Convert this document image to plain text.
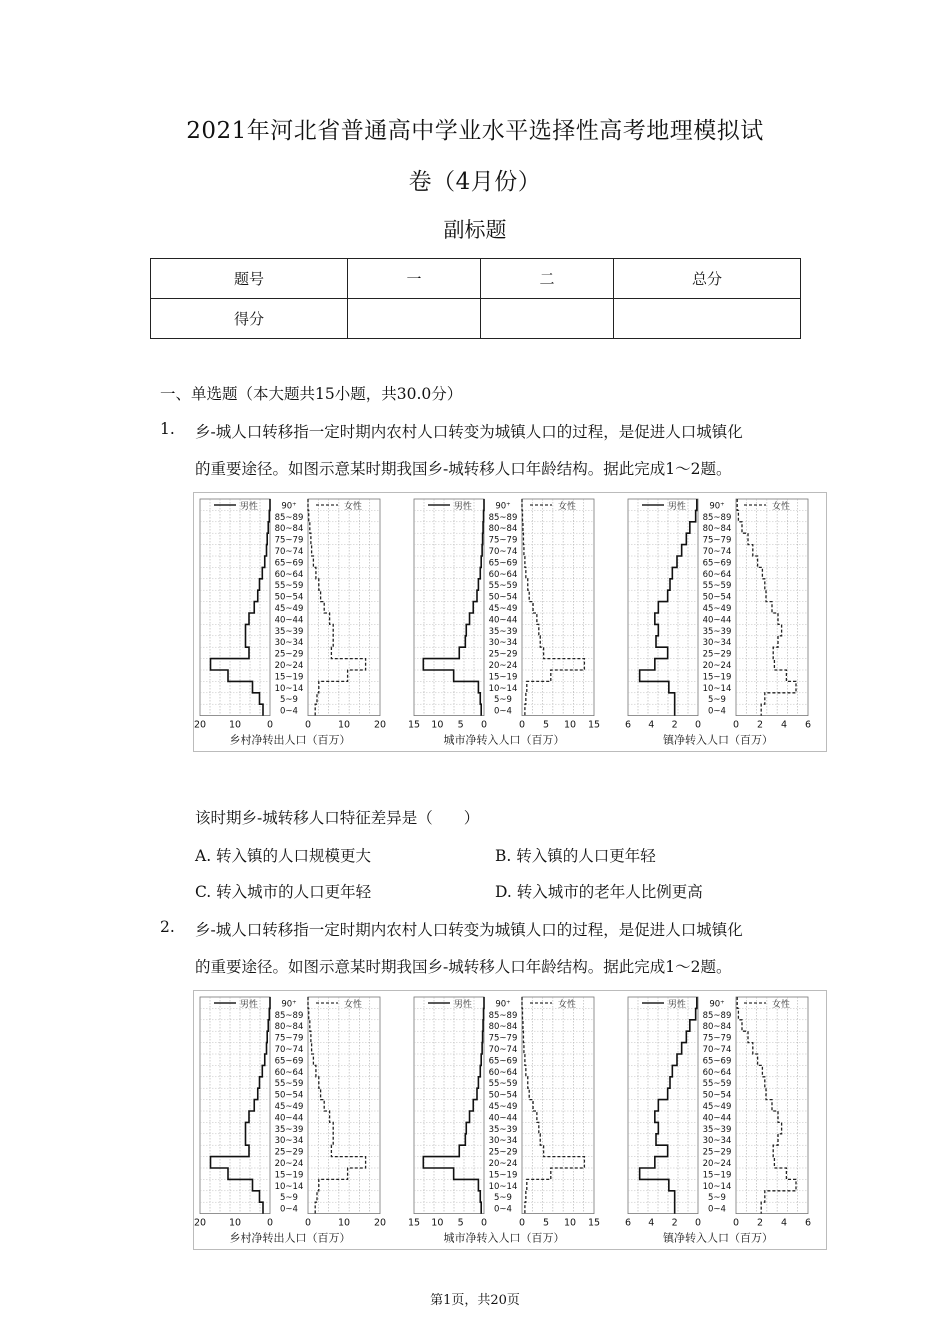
2021年河北省普通高中学业水平选择性高考地理模拟试
卷（4月份）
副标题
题号	一	二	总分
得分			
一、单选题（本大题共15小题，共30.0分）
1. 乡-城人口转移指一定时期内农村人口转变为城镇人口的过程，是促进人口城镇化
的重要途径。如图示意某时期我国乡-城转移人口年龄结构。据此完成1～2题。
男性	女性
90⁺
85~89
80~84
75~79
70~74
65~69
60~64
55~59
50~54
45~49
40~44
35~39
30~34
25~29
20~24
15~19
10~14
5~9
0~4
20 10	0	0	10	20
乡村净转出人口（百万）
男性	女性
90⁺
85~89
80~84
75~79
70~74
65~69
60~64
55~59
50~54
45~49
40~44
35~39
30~34
25~29
20~24
15~19
10~14
5~9
0~4
15 10 5 0	0 5 10 15
城市净转入人口（百万）
男性	女性
90⁺
85~89
80~84
75~79
70~74
65~69
60~64
55~59
50~54
45~49
40~44
35~39
30~34
25~29
20~24
15~19
10~14
5~9
0~4
6 4 2 0	0 2 4 6
镇净转入人口（百万）
该时期乡-城转移人口特征差异是（　　）
A. 转入镇的人口规模更大	B. 转入镇的人口更年轻
C. 转入城市的人口更年轻	D. 转入城市的老年人比例更高
2. 乡-城人口转移指一定时期内农村人口转变为城镇人口的过程，是促进人口城镇化
的重要途径。如图示意某时期我国乡-城转移人口年龄结构。据此完成1～2题。
男性	女性
90⁺
85~89
80~84
75~79
70~74
65~69
60~64
55~59
50~54
45~49
40~44
35~39
30~34
25~29
20~24
15~19
10~14
5~9
0~4
20 10	0	0	10	20
乡村净转出人口（百万）
男性	女性
90⁺
85~89
80~84
75~79
70~74
65~69
60~64
55~59
50~54
45~49
40~44
35~39
30~34
25~29
20~24
15~19
10~14
5~9
0~4
15 10 5 0	0 5 10 15
城市净转入人口（百万）
男性	女性
90⁺
85~89
80~84
75~79
70~74
65~69
60~64
55~59
50~54
45~49
40~44
35~39
30~34
25~29
20~24
15~19
10~14
5~9
0~4
6 4 2 0	0 2 4 6
镇净转入人口（百万）
第1页，共20页
